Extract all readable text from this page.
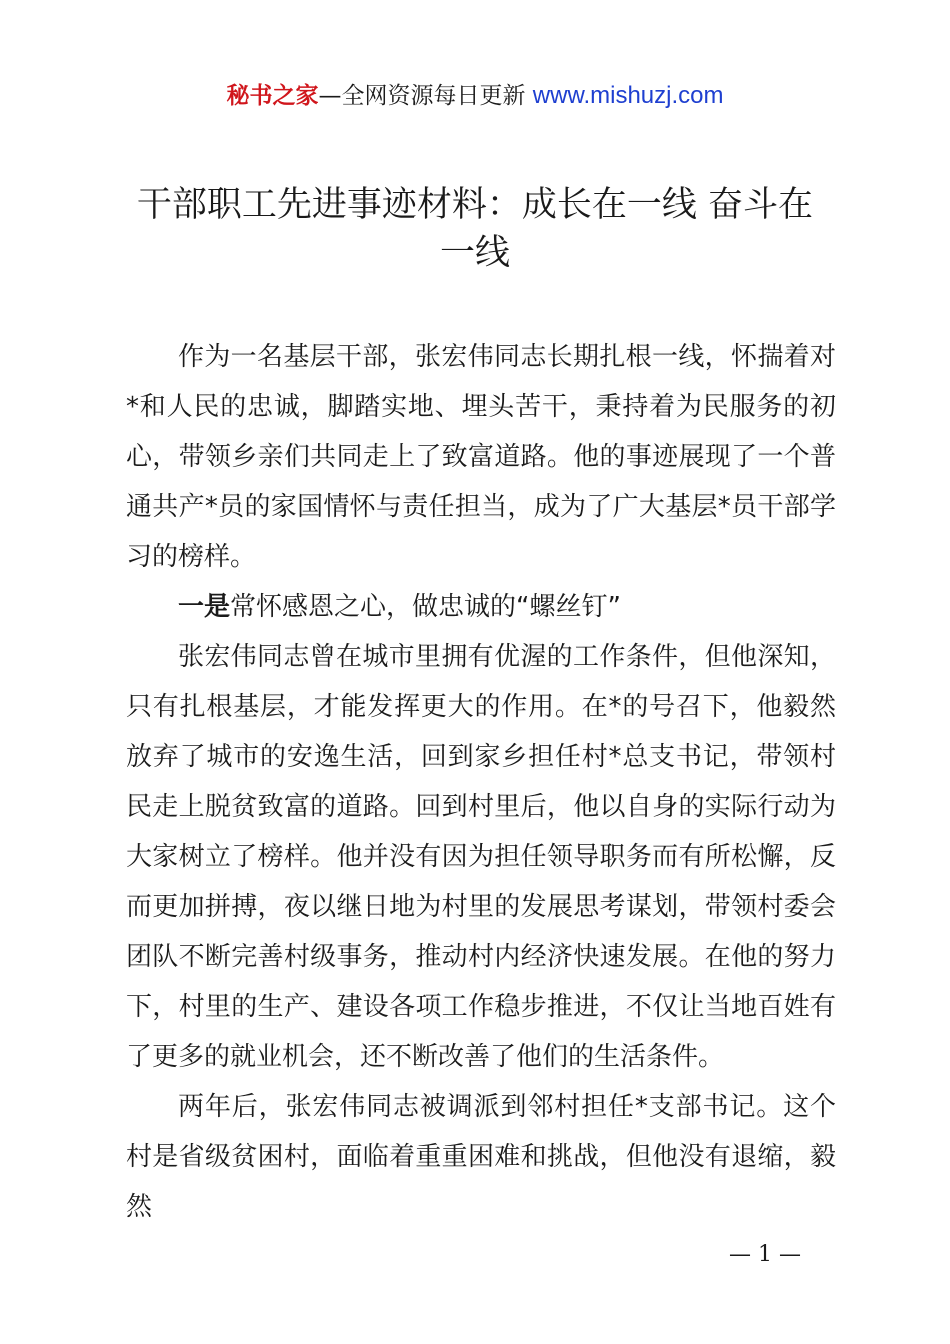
秘书之家—全网资源每日更新 www.mishuzj.com
干部职工先进事迹材料：成长在一线 奋斗在一线

作为一名基层干部，张宏伟同志长期扎根一线，怀揣着对*和人民的忠诚，脚踏实地、埋头苦干，秉持着为民服务的初心，带领乡亲们共同走上了致富道路。他的事迹展现了一个普通共产*员的家国情怀与责任担当，成为了广大基层*员干部学习的榜样。

一是常怀感恩之心，做忠诚的“螺丝钉”

张宏伟同志曾在城市里拥有优渥的工作条件，但他深知，只有扎根基层，才能发挥更大的作用。在*的号召下，他毅然放弃了城市的安逸生活，回到家乡担任村*总支书记，带领村民走上脱贫致富的道路。回到村里后，他以自身的实际行动为大家树立了榜样。他并没有因为担任领导职务而有所松懈，反而更加拼搏，夜以继日地为村里的发展思考谋划，带领村委会团队不断完善村级事务，推动村内经济快速发展。在他的努力下，村里的生产、建设各项工作稳步推进，不仅让当地百姓有了更多的就业机会，还不断改善了他们的生活条件。

两年后，张宏伟同志被调派到邻村担任*支部书记。这个村是省级贫困村，面临着重重困难和挑战，但他没有退缩，毅然

— 1 —
